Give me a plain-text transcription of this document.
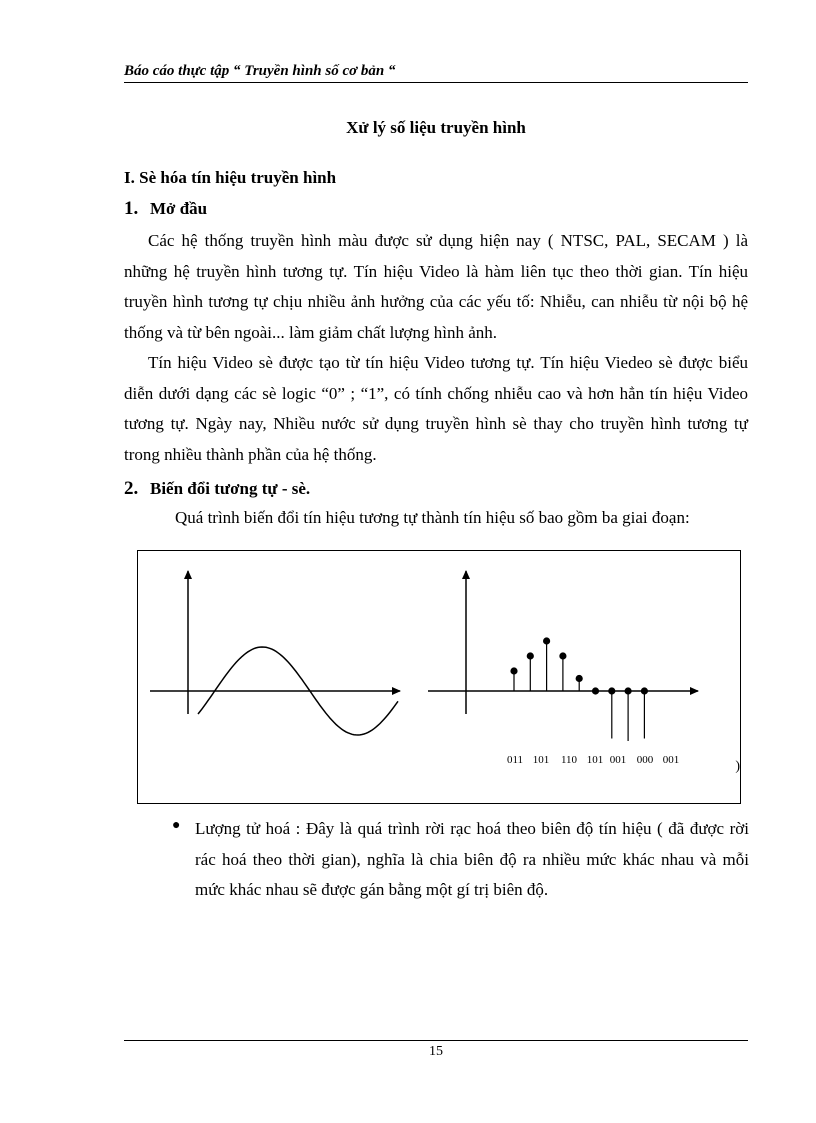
Báo cáo thực tập “ Truyền hình số cơ bản “
Xử lý số liệu truyền hình
I. Sè hóa tín hiệu truyền hình
1. Mở đầu
Các hệ thống truyền hình màu được sử dụng hiện nay ( NTSC, PAL, SECAM ) là những hệ truyền hình tương tự. Tín hiệu Video là hàm liên tục theo thời gian. Tín hiệu truyền hình tương tự chịu nhiều ảnh hưởng của các yếu tố: Nhiễu, can nhiễu từ nội bộ hệ thống và từ bên ngoài... làm giảm chất lượng hình ảnh.
Tín hiệu Video sè được tạo từ tín hiệu Video tương tự. Tín hiệu Viedeo sè được biểu diễn dưới dạng các sè logic “0” ; “1”, có tính chống nhiễu cao và hơn hẳn tín hiệu Video tương tự. Ngày nay, Nhiều nước sử dụng truyền hình sè thay cho truyền hình tương tự trong nhiều thành phần của hệ thống.
2. Biến đổi tương tự - sè.
Quá trình biến đổi tín hiệu tương tự thành tín hiệu số bao gồm ba giai đoạn:
011 101 110 101 001 000 001	)
● Lượng tử hoá : Đây là quá trình rời rạc hoá theo biên độ tín hiệu ( đã được rời rác hoá theo thời gian), nghĩa là chia biên độ ra nhiều mức khác nhau và mỗi mức khác nhau sẽ được gán bằng một gí trị biên độ.
15
